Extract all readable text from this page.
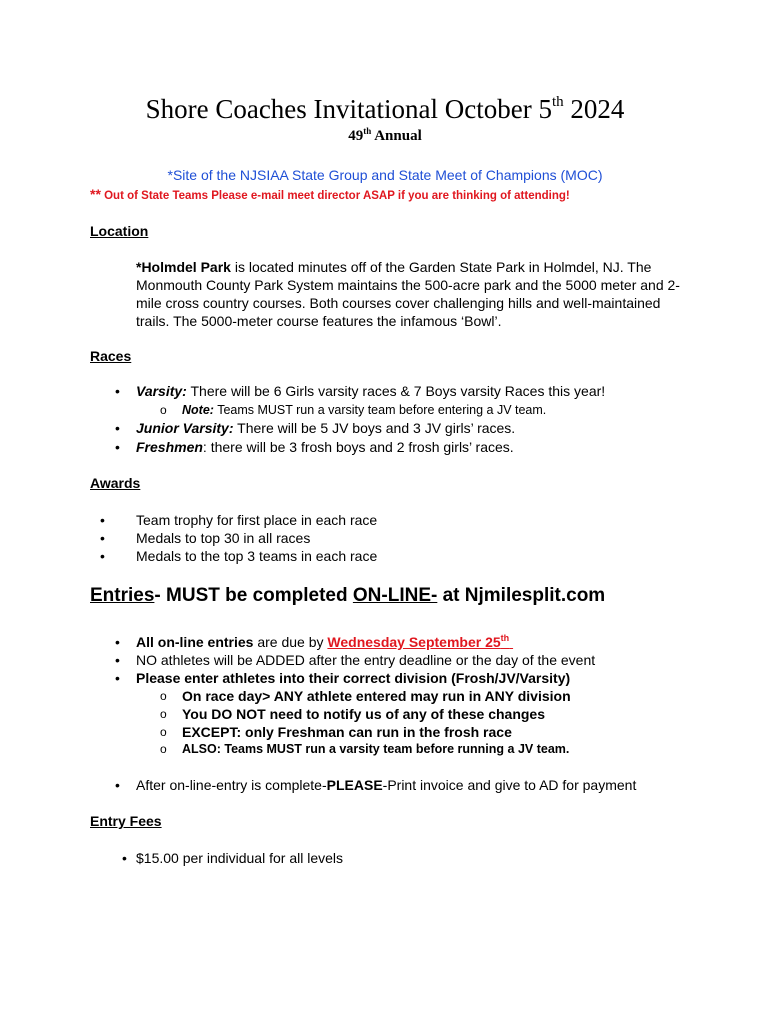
Shore Coaches Invitational October 5th 2024
49th Annual
*Site of the NJSIAA State Group and State Meet of Champions (MOC)
** Out of State Teams Please e-mail meet director ASAP if you are thinking of attending!
Location
*Holmdel Park is located minutes off of the Garden State Park in Holmdel, NJ. The Monmouth County Park System maintains the 500-acre park and the 5000 meter and 2-mile cross country courses. Both courses cover challenging hills and well-maintained trails. The 5000-meter course features the infamous ‘Bowl’.
Races
• Varsity: There will be 6 Girls varsity races & 7 Boys varsity Races this year!
o Note: Teams MUST run a varsity team before entering a JV team.
• Junior Varsity: There will be 5 JV boys and 3 JV girls’ races.
• Freshmen: there will be 3 frosh boys and 2 frosh girls’ races.
Awards
• Team trophy for first place in each race
• Medals to top 30 in all races
• Medals to the top 3 teams in each race
Entries- MUST be completed ON-LINE- at Njmilesplit.com
• All on-line entries are due by Wednesday September 25th
• NO athletes will be ADDED after the entry deadline or the day of the event
• Please enter athletes into their correct division (Frosh/JV/Varsity)
o On race day> ANY athlete entered may run in ANY division
o You DO NOT need to notify us of any of these changes
o EXCEPT: only Freshman can run in the frosh race
o ALSO: Teams MUST run a varsity team before running a JV team.
• After on-line-entry is complete-PLEASE-Print invoice and give to AD for payment
Entry Fees
• $15.00 per individual for all levels
